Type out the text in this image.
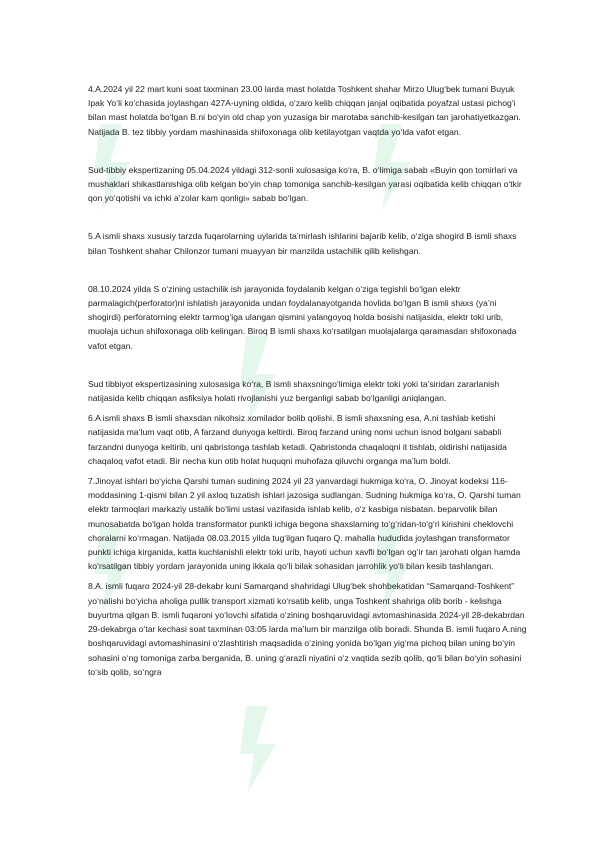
4.A.2024 yil 22 mart kuni soat taxminan 23.00 larda mast holatda Toshkent shahar Mirzo Ulug‘bek tumani Buyuk Ipak Yo‘li ko‘chasida joylashgan 427A-uyning oldida, o‘zaro kelib chiqqan janjal oqibatida poyafzal ustasi pichog‘i bilan mast holatda bo‘lgan B.ni bo‘yin old chap yon yuzasiga bir marotaba sanchib-kesilgan tan jarohatiyetkazgan. Natijada B. tez tibbiy yordam mashinasida shifoxonaga olib ketilayotgan vaqtda yo‘lda vafot etgan.

Sud-tibbiy ekspertizaning 05.04.2024 yildagi 312-sonli xulosasiga ko‘ra, B. o‘limiga sabab «Buyin qon tomirlari va mushaklari shikastlanishiga olib kelgan bo‘yin chap tomoniga sanchib-kesilgan yarasi oqibatida kelib chiqqan o‘tkir qon yo‘qotishi va ichki a’zolar kam qonligi» sabab bo‘lgan.

5.A ismli shaxs xususiy tarzda fuqarolarning uylarida ta’mirlash ishlarini bajarib kelib, o‘ziga shogird B ismli shaxs bilan Toshkent shahar Chilonzor tumani muayyan bir manzilda ustachilik qilib kelishgan.

08.10.2024 yilda S o‘zining ustachilik ish jarayonida foydalanib kelgan o‘ziga tegishli bo‘lgan elektr parmalagich(perforator)ni ishlatish jarayonida undan foydalanayotganda hovlida bo‘lgan B ismli shaxs (ya’ni shogirdi) perforatorning elektr tarmog‘iga ulangan qismini yalangoyoq holda bosishi natijasida, elektr toki urib, muolaja uchun shifoxonaga olib kelingan. Biroq B ismli shaxs ko‘rsatilgan muolajalarga qaramasdan shifoxonada vafot etgan.

Sud tibbiyot ekspertizasining xulosasiga ko‘ra, B ismli shaxsningo‘limiga elektr toki yoki ta’siridan zararlanish natijasida kelib chiqqan asfiksiya holati rivojlanishi yuz berganligi sabab bo‘lganligi aniqlangan.

6.A ismli shaxs B ismli shaxsdan nikohsiz xomilador bolib qolishi. B ismli shaxsning esa, A.ni tashlab ketishi natijasida ma’lum vaqt otib, A farzand dunyoga keltirdi. Biroq farzand uning nomi uchun isnod bolgani sababli farzandni dunyoga keltirib, uni qabristonga tashlab ketadi. Qabristonda chaqaloqni it tishlab, oldirishi natijasida chaqaloq vafot etadi. Bir necha kun otib holat huquqni muhofaza qiluvchi organga ma’lum boldi.

7.Jinoyat ishlari bo‘yicha Qarshi tuman sudining 2024 yil 23 yanvardagi hukmiga ko‘ra, O. Jinoyat kodeksi 116-moddasining 1-qismi bilan 2 yil axloq tuzatish ishlari jazosiga sudlangan. Sudning hukmiga ko‘ra, O. Qarshi tuman elektr tarmoqlari markaziy ustalik bo‘limi ustasi vazifasida ishlab kelib, o‘z kasbiga nisbatan. beparvolik bilan munosabatda bo‘lgan holda transformator punkti ichiga begona shaxslarning to‘g‘ridan-to‘g‘ri kirishini cheklovchi choralarni ko‘rmagan. Natijada 08.03.2015 yilda tug‘ilgan fuqaro Q. mahalla hududida joylashgan transformator punkti ichiga kirganida, katta kuchlanishli elektr toki urib, hayoti uchun xavfli bo‘lgan og‘ir tan jarohati olgan hamda ko‘rsatilgan tibbiy yordam jarayonida uning ikkala qo‘li bilak sohasidan jarrohlik yo‘li bilan kesib tashlangan.

8.A. ismli fuqaro 2024-yil 28-dekabr kuni Samarqand shahridagi Ulug‘bek shohbekatidan “Samarqand-Toshkent” yo‘nalishi bo‘yicha aholiga pullik transport xizmati ko‘rsatib kelib, unga Toshkent shahriga olib borib - kelishga buyurtma qilgan B. ismli fuqaroni yo‘lovchi sifatida o‘zining boshqaruvidagi avtomashinasida 2024-yil 28-dekabrdan 29-dekabrga o‘tar kechasi soat taxminan 03:05 larda ma’lum bir manzilga olib boradi. Shunda B. ismli fuqaro A.ning boshqaruvidagi avtomashinasini o‘zlashtirish maqsadida o‘zining yonida bo‘lgan yig‘ma pichoq bilan uning bo‘yin sohasini o‘ng tomoniga zarba berganida, B. uning g‘arazli niyatini o‘z vaqtida sezib qolib, qo‘li bilan bo‘yin sohasini to‘sib qolib, so‘ngra
